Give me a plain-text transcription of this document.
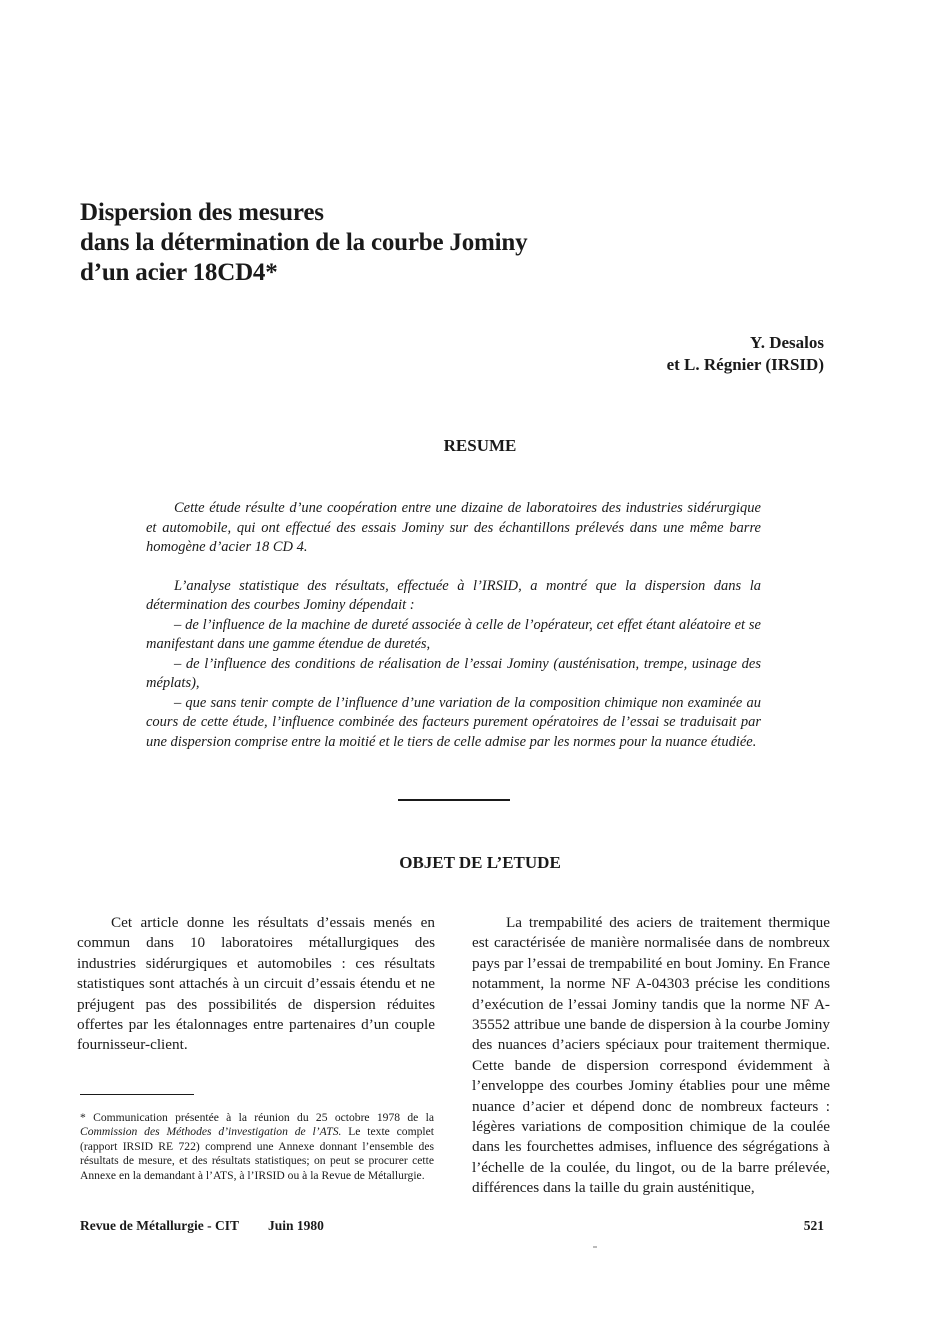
Dispersion des mesures
dans la détermination de la courbe Jominy
d’un acier 18CD4*
Y. Desalos
et L. Régnier (IRSID)
RESUME

Cette étude résulte d’une coopération entre une dizaine de laboratoires des industries sidérurgique et automobile, qui ont effectué des essais Jominy sur des échantillons prélevés dans une même barre homogène d’acier 18 CD 4.

L’analyse statistique des résultats, effectuée à l’IRSID, a montré que la dispersion dans la détermination des courbes Jominy dépendait :

– de l’influence de la machine de dureté associée à celle de l’opérateur, cet effet étant aléatoire et se manifestant dans une gamme étendue de duretés,

– de l’influence des conditions de réalisation de l’essai Jominy (austénisation, trempe, usinage des méplats),

– que sans tenir compte de l’influence d’une variation de la composition chimique non examinée au cours de cette étude, l’influence combinée des facteurs purement opératoires de l’essai se traduisait par une dispersion comprise entre la moitié et le tiers de celle admise par les normes pour la nuance étudiée.

OBJET DE L’ETUDE

Cet article donne les résultats d’essais menés en commun dans 10 laboratoires métallurgiques des industries sidérurgiques et automobiles : ces résultats statistiques sont attachés à un circuit d’essais étendu et ne préjugent pas des possibilités de dispersion réduites offertes par les étalonnages entre partenaires d’un couple fournisseur-client.

La trempabilité des aciers de traitement thermique est caractérisée de manière normalisée dans de nombreux pays par l’essai de trempabilité en bout Jominy. En France notamment, la norme NF A-04303 précise les conditions d’exécution de l’essai Jominy tandis que la norme NF A-35552 attribue une bande de dispersion à la courbe Jominy des nuances d’aciers spéciaux pour traitement thermique. Cette bande de dispersion correspond évidemment à l’enveloppe des courbes Jominy établies pour une même nuance d’acier et dépend donc de nombreux facteurs : légères variations de composition chimique de la coulée dans les fourchettes admises, influence des ségrégations à l’échelle de la coulée, du lingot, ou de la barre prélevée, différences dans la taille du grain austénitique,

* Communication présentée à la réunion du 25 octobre 1978 de la Commission des Méthodes d’investigation de l’ATS. Le texte complet (rapport IRSID RE 722) comprend une Annexe donnant l’ensemble des résultats de mesure, et des résultats statistiques; on peut se procurer cette Annexe en la demandant à l’ATS, à l’IRSID ou à la Revue de Métallurgie.

Revue de Métallurgie - CIT Juin 1980	521
